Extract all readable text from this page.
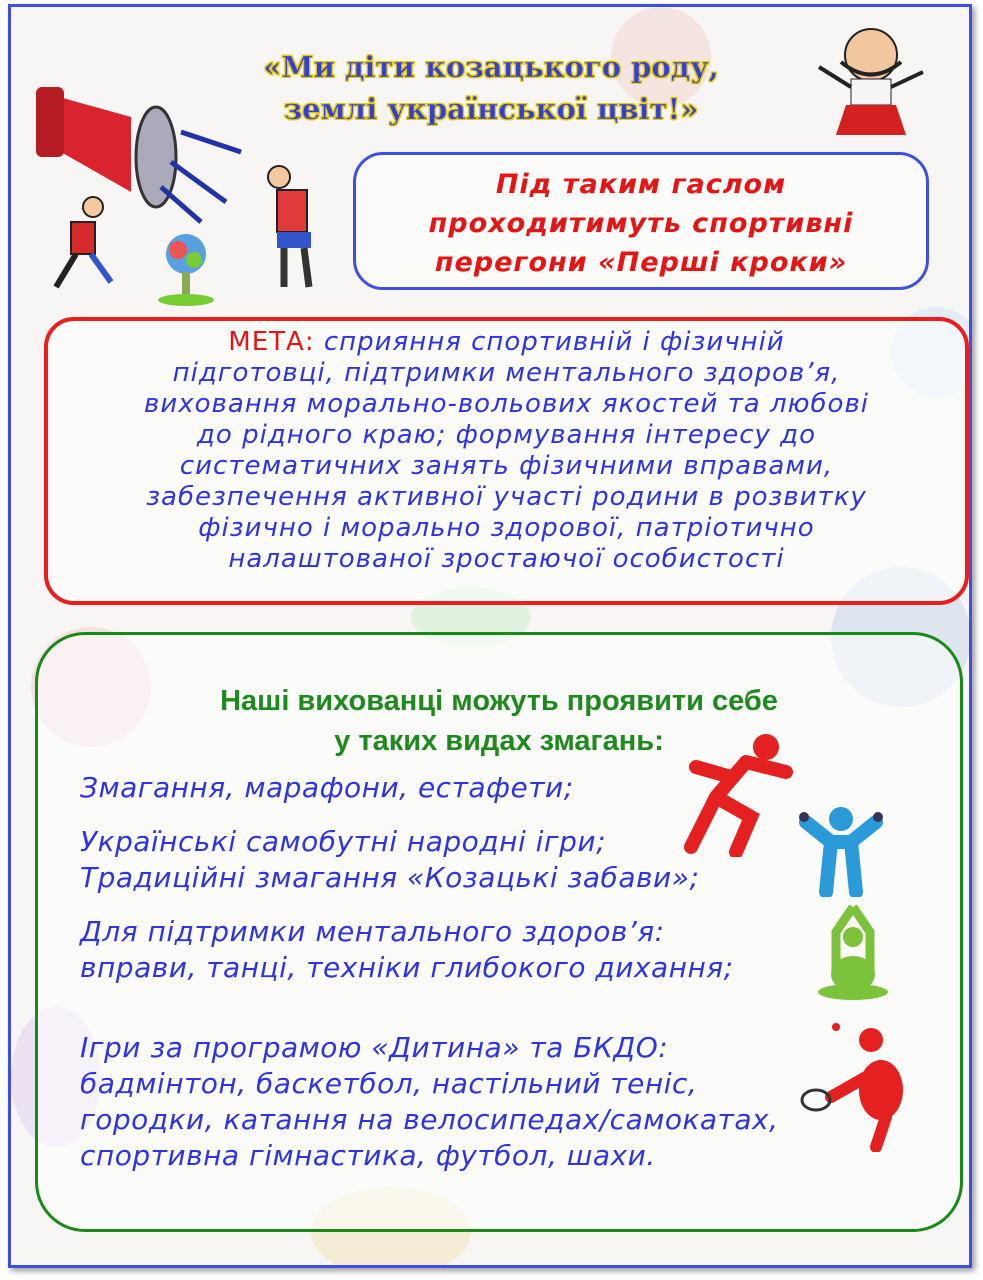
«Ми діти козацького роду,
землі української цвіт!»
Під таким гаслом
проходитимуть спортивні
перегони «Перші кроки»
МЕТА: сприяння спортивній і фізичній
підготовці, підтримки ментального здоров’я,
виховання морально-вольових якостей та любові
до рідного краю; формування інтересу до
систематичних занять фізичними вправами,
забезпечення активної участі родини в розвитку
фізично і морально здорової, патріотично
налаштованої зростаючої особистості
Наші вихованці можуть проявити себе
у таких видах змагань:

Змагання, марафони, естафети;

Українські самобутні народні ігри;
Традиційні змагання «Козацькі забави»;

Для підтримки ментального здоров’я:
вправи, танці, техніки глибокого дихання;

Ігри за програмою «Дитина» та БКДО:
бадмінтон, баскетбол, настільний теніс,
городки, катання на велосипедах/самокатах,
спортивна гімнастика, футбол, шахи.
